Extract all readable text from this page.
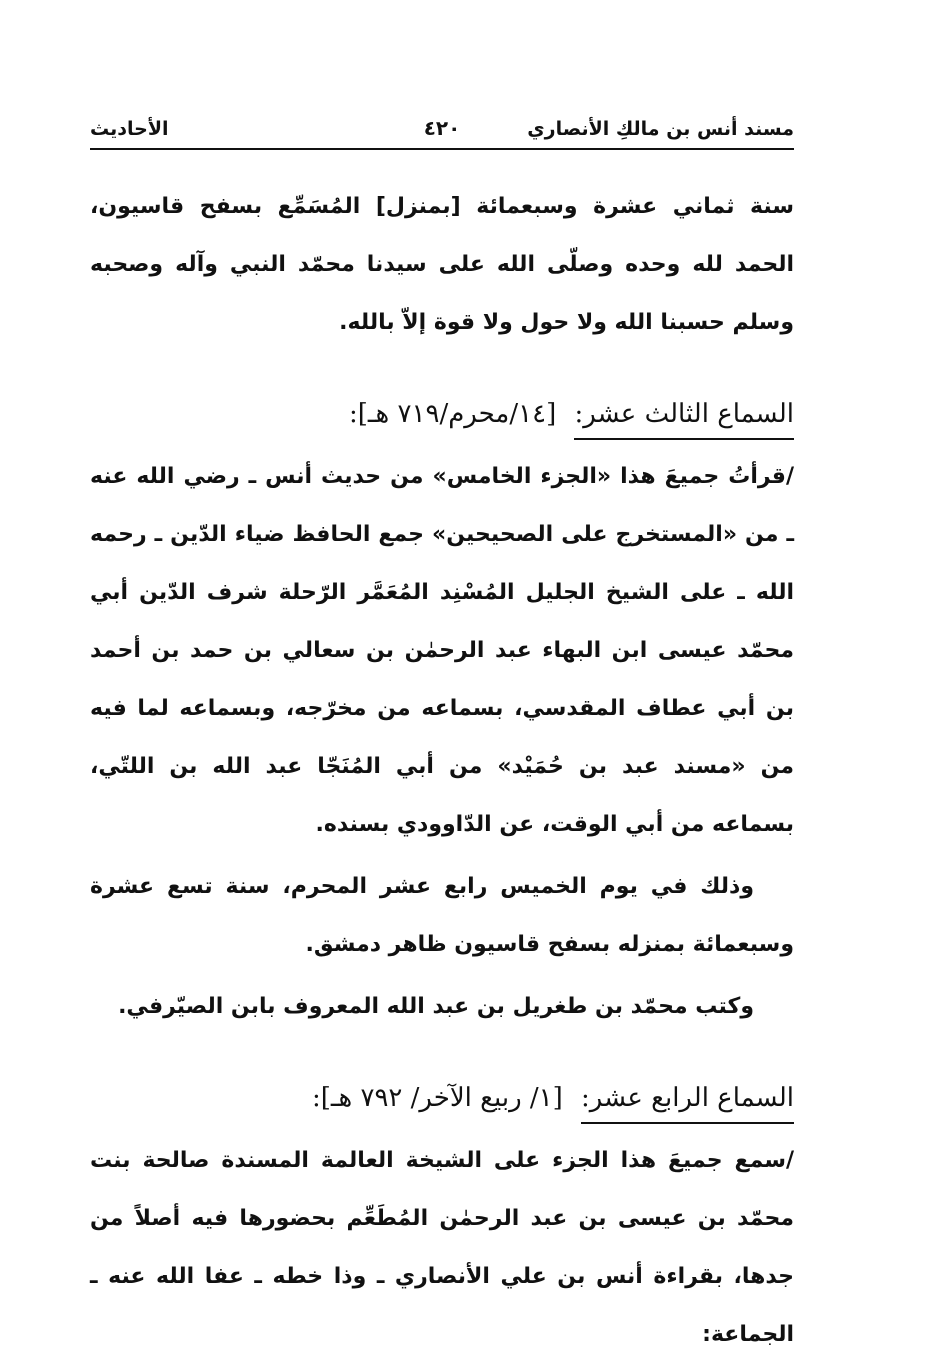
مسند أنس بن مالكِ الأنصاري
٤٢٠
الأحاديث

سنة ثماني عشرة وسبعمائة [بمنزل] المُسَمِّع بسفح قاسيون، الحمد لله وحده وصلّى الله على سيدنا محمّد النبي وآله وصحبه وسلم حسبنا الله ولا حول ولا قوة إلاّ بالله.

السماع الثالث عشر: [١٤/محرم/٧١٩ هـ]:

/قرأتُ جميعَ هذا «الجزء الخامس» من حديث أنس ـ رضي الله عنه ـ من «المستخرج على الصحيحين» جمع الحافظ ضياء الدّين ـ رحمه الله ـ على الشيخ الجليل المُسْنِد المُعَمَّر الرّحلة شرف الدّين أبي محمّد عيسى ابن البهاء عبد الرحمٰن بن سعالي بن حمد بن أحمد بن أبي عطاف المقدسي، بسماعه من مخرّجه، وبسماعه لما فيه من «مسند عبد بن حُمَيْد» من أبي المُنَجّا عبد الله بن اللتّي، بسماعه من أبي الوقت، عن الدّاوودي بسنده.

وذلك في يوم الخميس رابع عشر المحرم، سنة تسع عشرة وسبعمائة بمنزله بسفح قاسيون ظاهر دمشق.

وكتب محمّد بن طغريل بن عبد الله المعروف بابن الصيّرفي.

السماع الرابع عشر: [١/ ربيع الآخر/ ٧٩٢ هـ]:

/سمع جميعَ هذا الجزء على الشيخة العالمة المسندة صالحة بنت محمّد بن عيسى بن عبد الرحمٰن المُطَعِّم بحضورها فيه أصلاً من جدها، بقراءة أنس بن علي الأنصاري ـ وذا خطه ـ عفا الله عنه ـ الجماعة:
